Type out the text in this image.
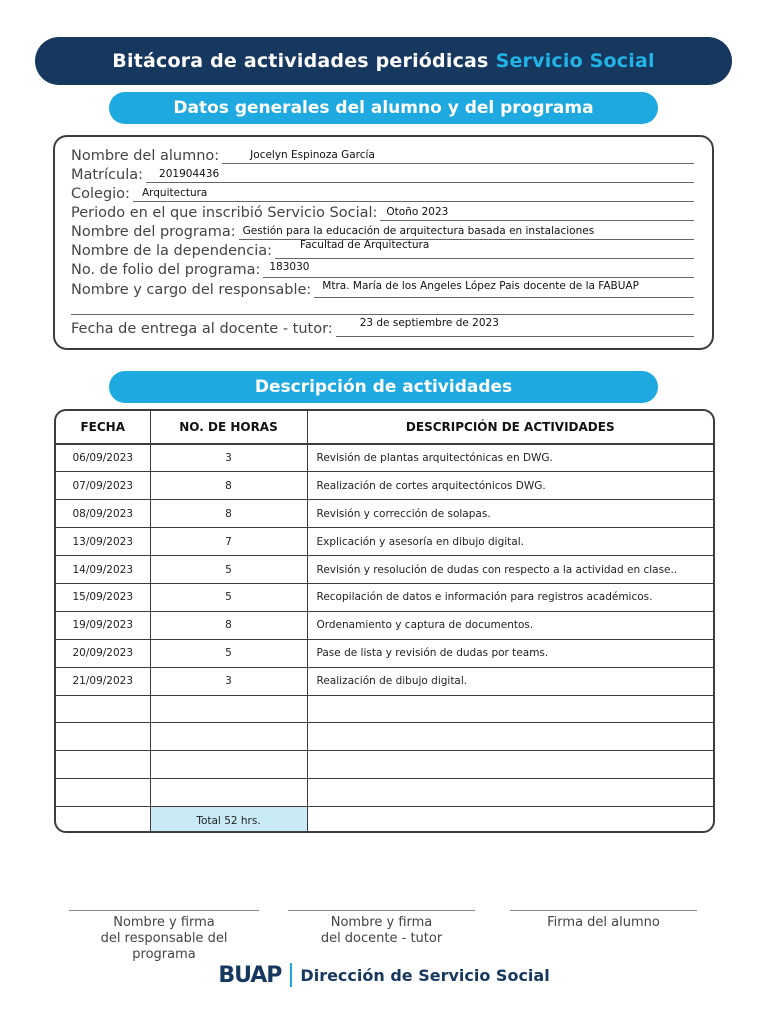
Bitácora de actividades periódicas Servicio Social
Datos generales del alumno y del programa
Nombre del alumno:	Jocelyn Espinoza García
Matrícula: 201904436
Colegio: Arquitectura
Periodo en el que inscribió Servicio Social: Otoño 2023
Nombre del programa: Gestión para la educación de arquitectura basada en instalaciones
Nombre de la dependencia:	Facultad de Arquitectura
No. de folio del programa: 183030
Nombre y cargo del responsable: Mtra. María de los Angeles López Pais docente de la FABUAP
Fecha de entrega al docente - tutor:	23 de septiembre de 2023
Descripción de actividades
FECHA	NO. DE HORAS	DESCRIPCIÓN DE ACTIVIDADES
06/09/2023	3	Revisión de plantas arquitectónicas en DWG.
07/09/2023	8	Realización de cortes arquitectónicos DWG.
08/09/2023	8	Revisión y corrección de solapas.
13/09/2023	7	Explicación y asesoría en dibujo digital.
14/09/2023	5	Revisión y resolución de dudas con respecto a la actividad en clase..
15/09/2023	5	Recopilación de datos e información para registros académicos.
19/09/2023	8	Ordenamiento y captura de documentos.
20/09/2023	5	Pase de lista y revisión de dudas por teams.
21/09/2023	3	Realización de dibujo digital.

	Total 52 hrs.	
Nombre y firma
del responsable del programa
Nombre y firma
del docente - tutor
Firma del alumno
BUAP Dirección de Servicio Social
